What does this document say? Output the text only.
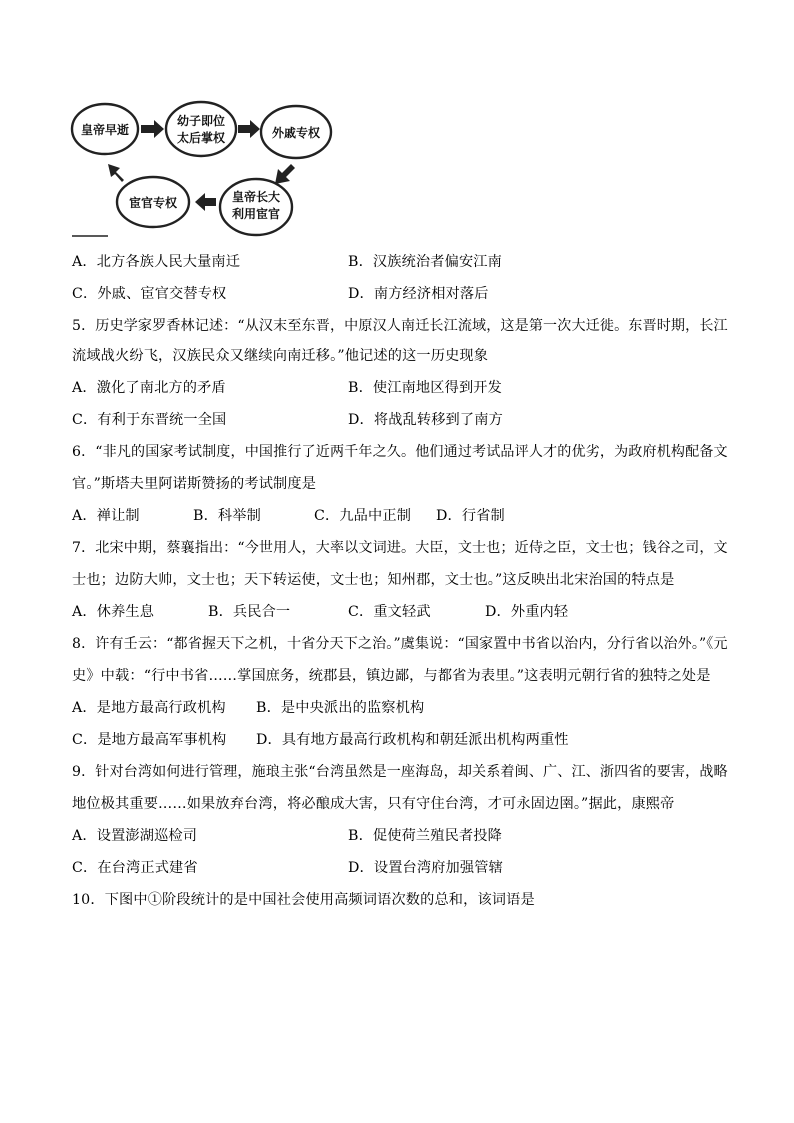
皇帝早逝
幼子即位
太后掌权	外戚专权
皇帝长大
利用宦官
宦官专权
A．北方各族人民大量南迁	B．汉族统治者偏安江南
C．外戚、宦官交替专权	D．南方经济相对落后
5．历史学家罗香林记述：“从汉末至东晋，中原汉人南迁长江流域，这是第一次大迁徙。东晋时期，长江
流域战火纷飞，汉族民众又继续向南迁移。”他记述的这一历史现象
A．激化了南北方的矛盾	B．使江南地区得到开发
C．有利于东晋统一全国	D．将战乱转移到了南方
6．“非凡的国家考试制度，中国推行了近两千年之久。他们通过考试品评人才的优劣，为政府机构配备文
官。”斯塔夫里阿诺斯赞扬的考试制度是
A．禅让制	B．科举制	C．九品中正制 D．行省制
7．北宋中期，蔡襄指出：“今世用人，大率以文词进。大臣，文士也；近侍之臣，文士也；钱谷之司，文
士也；边防大帅，文士也；天下转运使，文士也；知州郡，文士也。”这反映出北宋治国的特点是
A．休养生息	B．兵民合一	C．重文轻武	D．外重内轻
8．许有壬云：“都省握天下之机，十省分天下之治。”虞集说：“国家置中书省以治内，分行省以治外。”《元
史》中载：“行中书省……掌国庶务，统郡县，镇边鄙，与都省为表里。”这表明元朝行省的独特之处是
A．是地方最高行政机构 B．是中央派出的监察机构
C．是地方最高军事机构 D．具有地方最高行政机构和朝廷派出机构两重性
9．针对台湾如何进行管理，施琅主张“台湾虽然是一座海岛，却关系着闽、广、江、浙四省的要害，战略
地位极其重要……如果放弃台湾，将必酿成大害，只有守住台湾，才可永固边圉。”据此，康熙帝
A．设置澎湖巡检司	B．促使荷兰殖民者投降
C．在台湾正式建省	D．设置台湾府加强管辖
10．下图中①阶段统计的是中国社会使用高频词语次数的总和，该词语是
